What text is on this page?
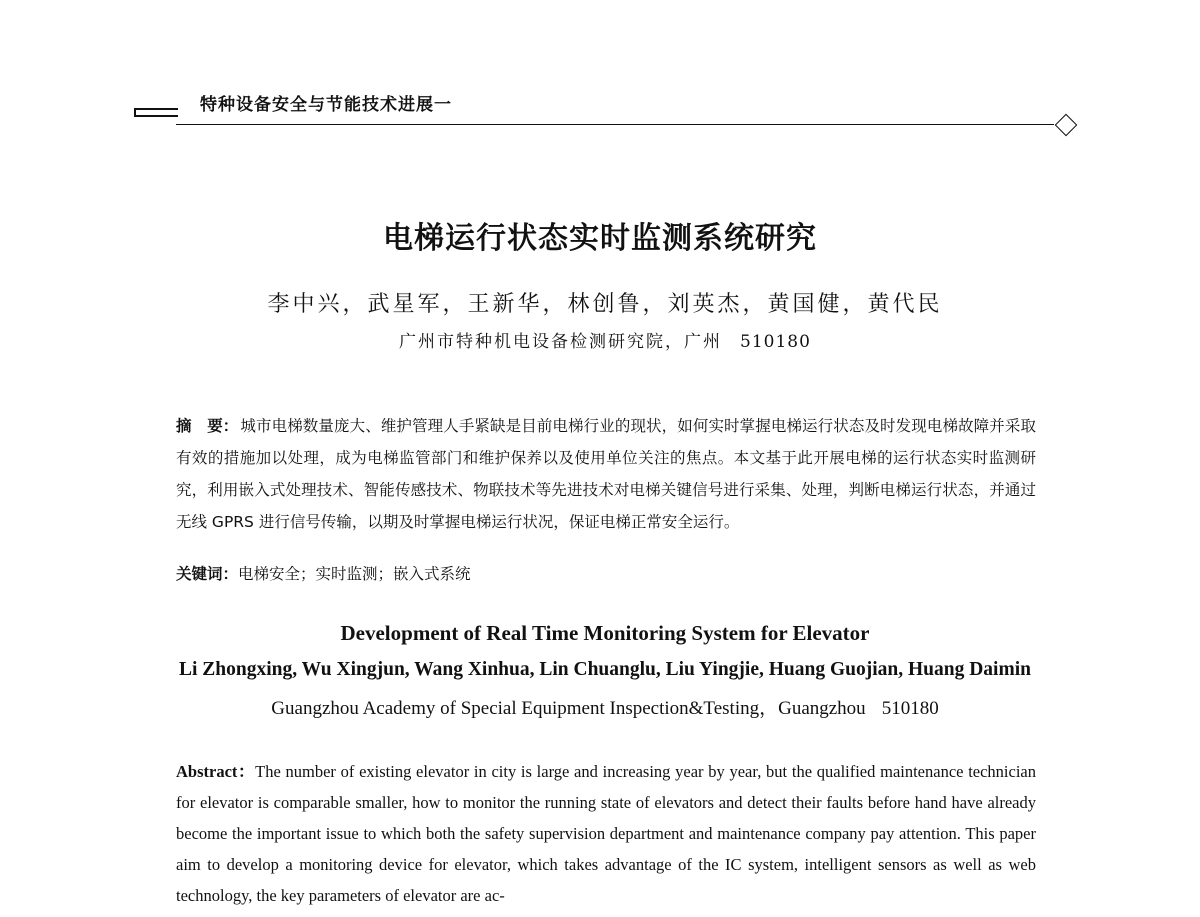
特种设备安全与节能技术进展一
电梯运行状态实时监测系统研究
李中兴，武星军，王新华，林创鲁，刘英杰，黄国健，黄代民
广州市特种机电设备检测研究院，广州 510180
摘　要： 城市电梯数量庞大、维护管理人手紧缺是目前电梯行业的现状，如何实时掌握电梯运行状态及时发现电梯故障并采取有效的措施加以处理，成为电梯监管部门和维护保养以及使用单位关注的焦点。本文基于此开展电梯的运行状态实时监测研究，利用嵌入式处理技术、智能传感技术、物联技术等先进技术对电梯关键信号进行采集、处理，判断电梯运行状态，并通过无线 GPRS 进行信号传输，以期及时掌握电梯运行状况，保证电梯正常安全运行。
关键词：电梯安全；实时监测；嵌入式系统
Development of Real Time Monitoring System for Elevator
Li Zhongxing, Wu Xingjun, Wang Xinhua, Lin Chuanglu, Liu Yingjie, Huang Guojian, Huang Daimin
Guangzhou Academy of Special Equipment Inspection&Testing，Guangzhou 510180
Abstract：The number of existing elevator in city is large and increasing year by year, but the qualified maintenance technician for elevator is comparable smaller, how to monitor the running state of elevators and detect their faults before hand have already become the important issue to which both the safety supervision department and maintenance company pay attention. This paper aim to develop a monitoring device for elevator, which takes advantage of the IC system, intelligent sensors as well as web technology, the key parameters of elevator are ac-
